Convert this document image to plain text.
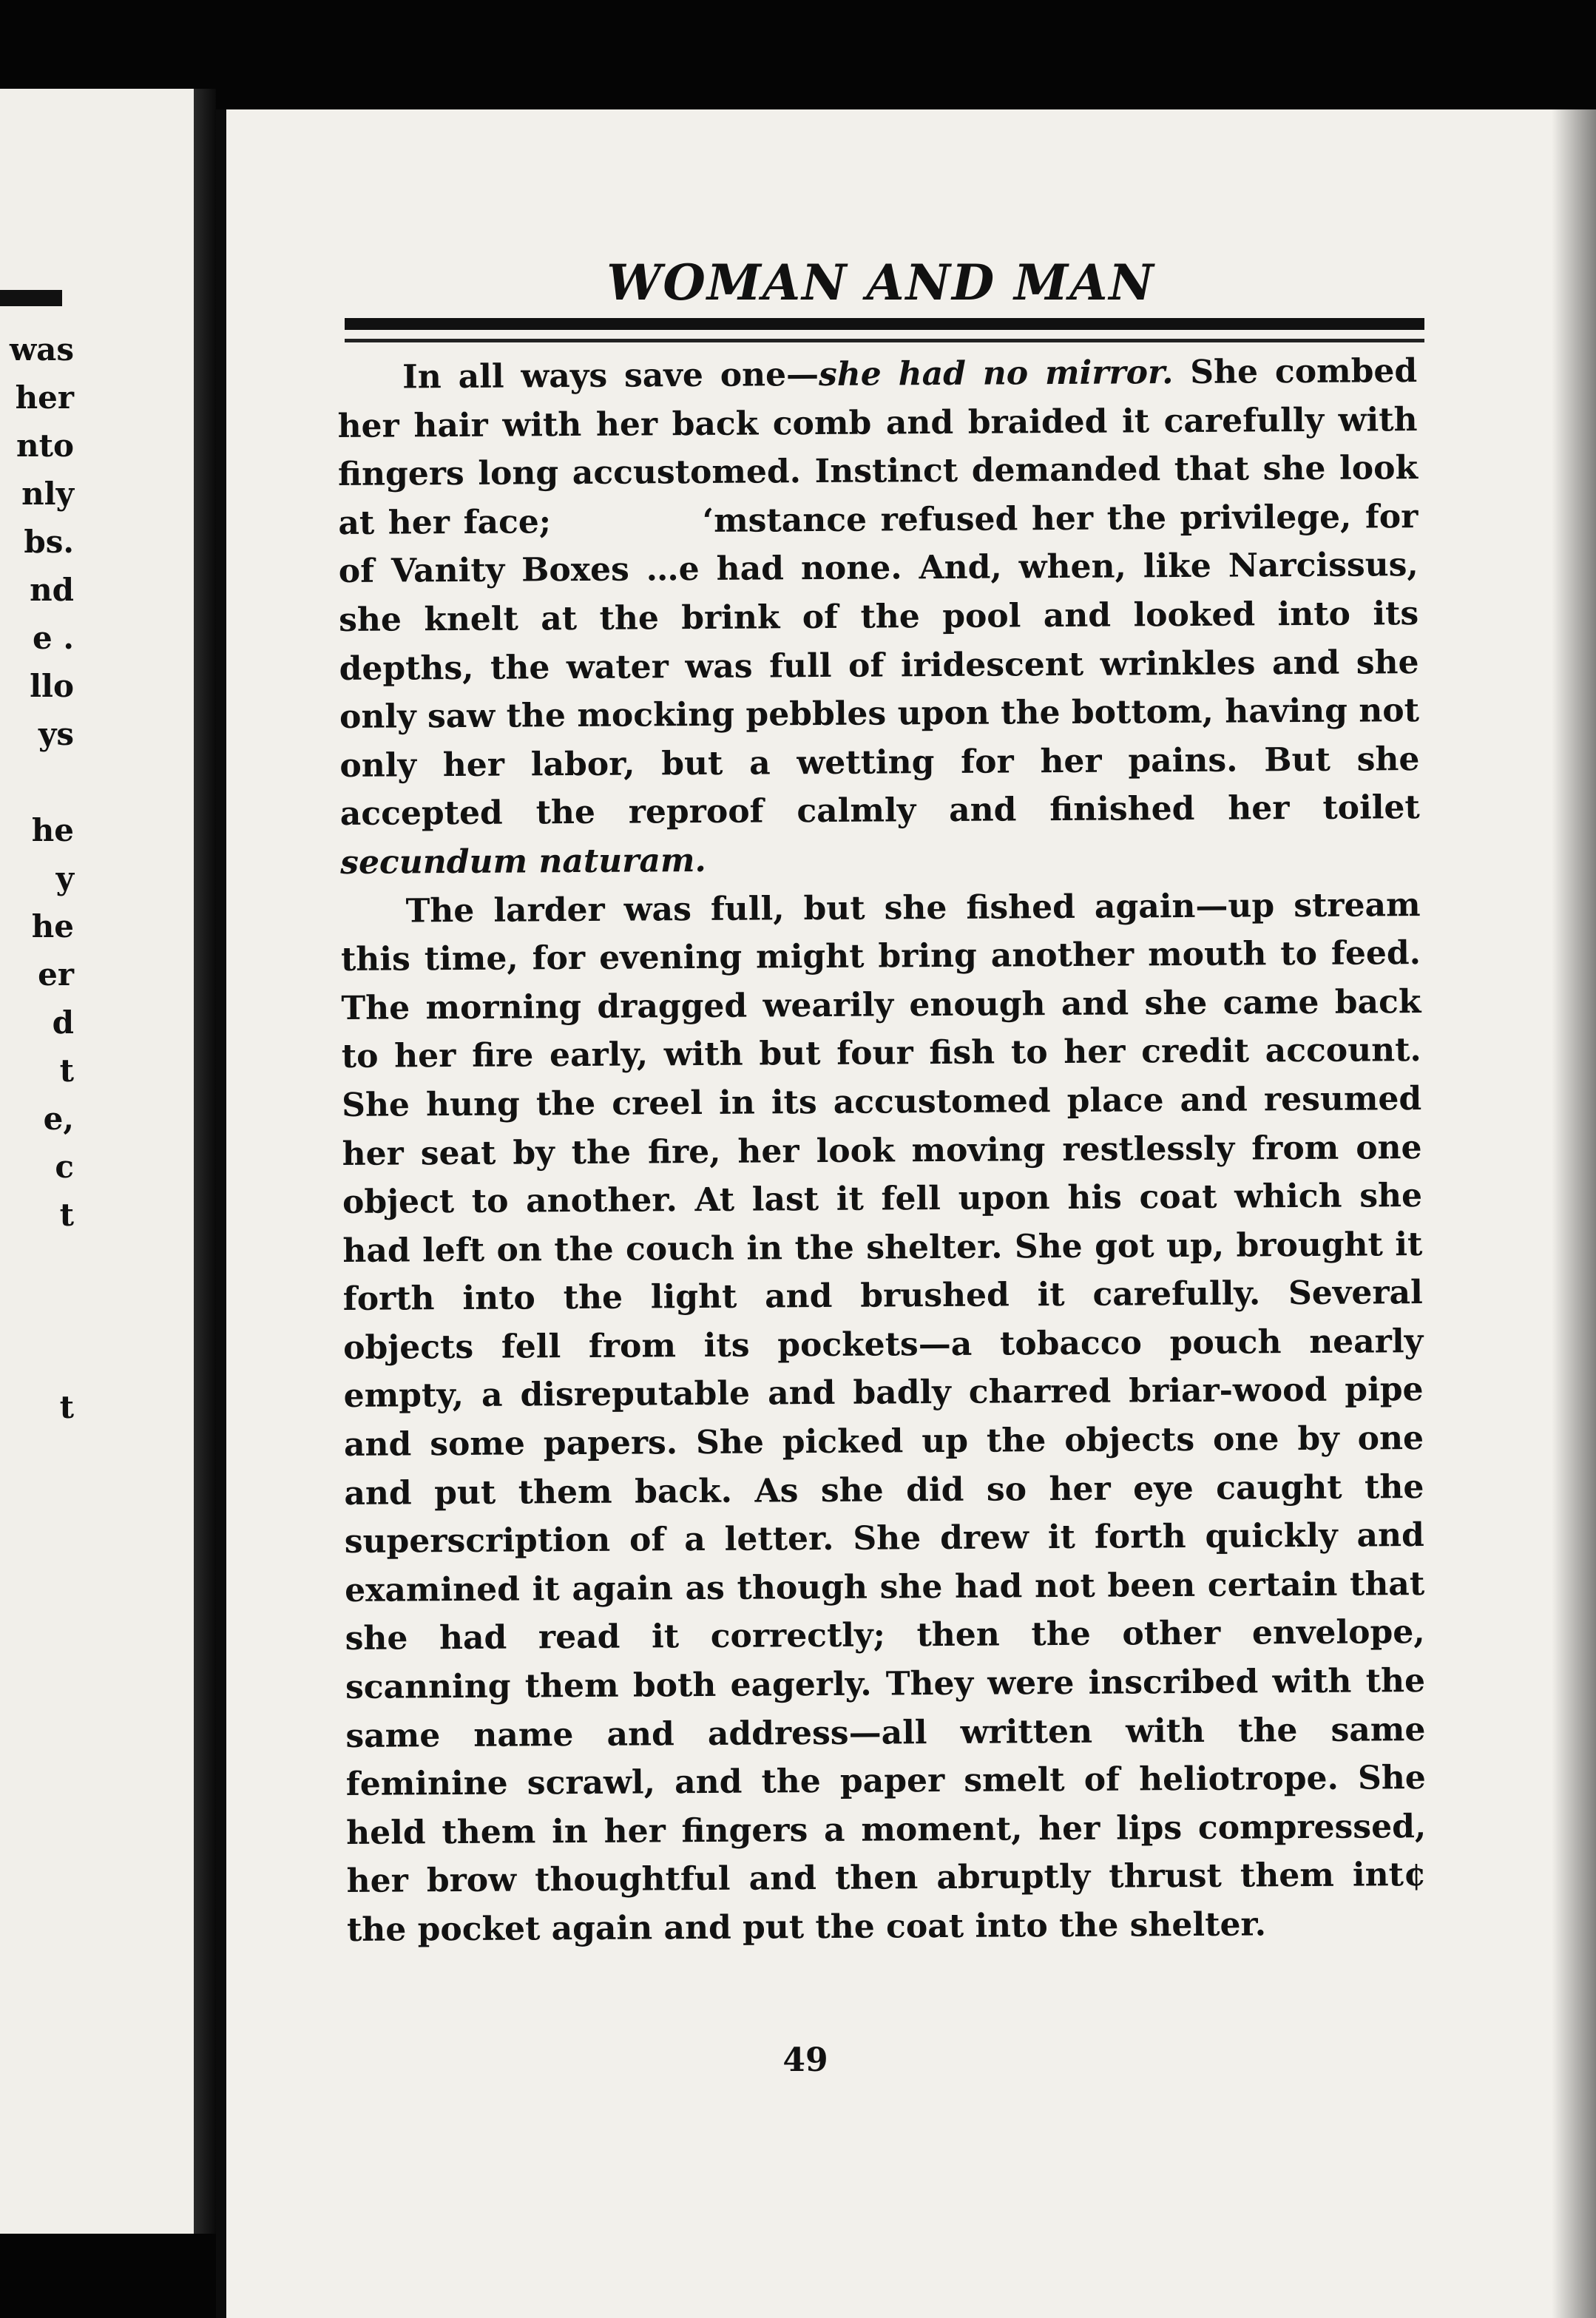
was
her
nto
nly
bs.
nd
e .
llo
ys
he
y
he
er
d
t
e,
c
t
t
WOMAN AND MAN

In all ways save one—she had no mirror. She combed her hair with her back comb and braided it carefully with fingers long accustomed. Instinct demanded that she look at her face;           ʻmstance refused her the privilege, for of Vanity Boxes …e had none. And, when, like Narcissus, she knelt at the brink of the pool and looked into its depths, the water was full of iridescent wrinkles and she only saw the mocking pebbles upon the bottom, having not only her labor, but a wetting for her pains. But she accepted the reproof calmly and finished her toilet secundum naturam.

The larder was full, but she fished again—up stream this time, for evening might bring another mouth to feed. The morning dragged wearily enough and she came back to her fire early, with but four fish to her credit account. She hung the creel in its accustomed place and resumed her seat by the fire, her look moving restlessly from one object to another. At last it fell upon his coat which she had left on the couch in the shelter. She got up, brought it forth into the light and brushed it carefully. Several objects fell from its pockets—a tobacco pouch nearly empty, a disreputable and badly charred briar-wood pipe and some papers. She picked up the objects one by one and put them back. As she did so her eye caught the superscription of a letter. She drew it forth quickly and examined it again as though she had not been certain that she had read it correctly; then the other envelope, scanning them both eagerly. They were inscribed with the same name and address—all written with the same feminine scrawl, and the paper smelt of heliotrope. She held them in her fingers a moment, her lips compressed, her brow thoughtful and then abruptly thrust them int¢ the pocket again and put the coat into the shelter.

49
